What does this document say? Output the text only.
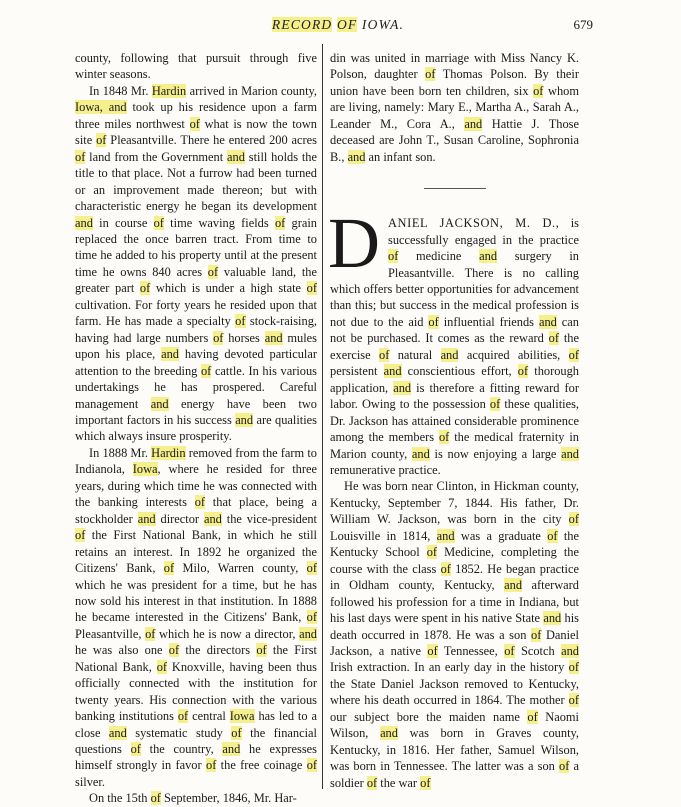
RECORD OF IOWA.	679

county, following that pursuit through five winter seasons.

In 1848 Mr. Hardin arrived in Marion county, Iowa, and took up his residence upon a farm three miles northwest of what is now the town site of Pleasantville. There he entered 200 acres of land from the Government and still holds the title to that place. Not a furrow had been turned or an improvement made thereon; but with characteristic energy he began its development and in course of time waving fields of grain replaced the once barren tract. From time to time he added to his property until at the present time he owns 840 acres of valuable land, the greater part of which is under a high state of cultivation. For forty years he resided upon that farm. He has made a specialty of stock-raising, having had large numbers of horses and mules upon his place, and having devoted particular attention to the breeding of cattle. In his various undertakings he has prospered. Careful management and energy have been two important factors in his success and are qualities which always insure prosperity.

In 1888 Mr. Hardin removed from the farm to Indianola, Iowa, where he resided for three years, during which time he was connected with the banking interests of that place, being a stockholder and director and the vice-president of the First National Bank, in which he still retains an interest. In 1892 he organized the Citizens' Bank, of Milo, Warren county, of which he was president for a time, but he has now sold his interest in that institution. In 1888 he became interested in the Citizens' Bank, of Pleasantville, of which he is now a director, and he was also one of the directors of the First National Bank, of Knoxville, having been thus officially connected with the institution for twenty years. His connection with the various banking institutions of central Iowa has led to a close and systematic study of the financial questions of the country, and he expresses himself strongly in favor of the free coinage of silver.

On the 15th of September, 1846, Mr. Har-

din was united in marriage with Miss Nancy K. Polson, daughter of Thomas Polson. By their union have been born ten children, six of whom are living, namely: Mary E., Martha A., Sarah A., Leander M., Cora A., and Hattie J. Those deceased are John T., Susan Caroline, Sophronia B., and an infant son.

DANIEL JACKSON, M. D., is successfully engaged in the practice of medicine and surgery in Pleasantville. There is no calling which offers better opportunities for advancement than this; but success in the medical profession is not due to the aid of influential friends and can not be purchased. It comes as the reward of the exercise of natural and acquired abilities, of persistent and conscientious effort, of thorough application, and is therefore a fitting reward for labor. Owing to the possession of these qualities, Dr. Jackson has attained considerable prominence among the members of the medical fraternity in Marion county, and is now enjoying a large and remunerative practice.

He was born near Clinton, in Hickman county, Kentucky, September 7, 1844. His father, Dr. William W. Jackson, was born in the city of Louisville in 1814, and was a graduate of the Kentucky School of Medicine, completing the course with the class of 1852. He began practice in Oldham county, Kentucky, and afterward followed his profession for a time in Indiana, but his last days were spent in his native State and his death occurred in 1878. He was a son of Daniel Jackson, a native of Tennessee, of Scotch and Irish extraction. In an early day in the history of the State Daniel Jackson removed to Kentucky, where his death occurred in 1864. The mother of our subject bore the maiden name of Naomi Wilson, and was born in Graves county, Kentucky, in 1816. Her father, Samuel Wilson, was born in Tennessee. The latter was a son of a soldier of the war of
